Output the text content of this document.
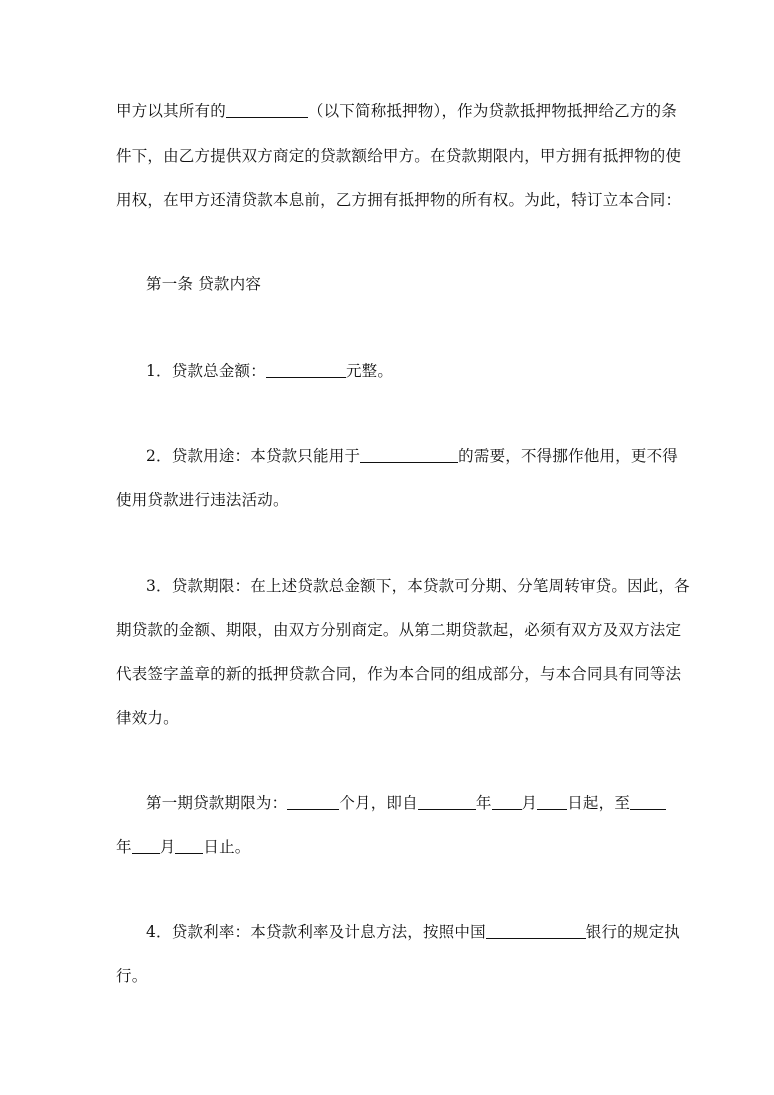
甲方以其所有的	（以下简称抵押物），作为贷款抵押物抵押给乙方的条
件下，由乙方提供双方商定的贷款额给甲方。在贷款期限内，甲方拥有抵押物的使
用权，在甲方还清贷款本息前，乙方拥有抵押物的所有权。为此，特订立本合同：
第一条 贷款内容
1．贷款总金额：	元整。
2．贷款用途：本贷款只能用于	的需要，不得挪作他用，更不得
使用贷款进行违法活动。
3．贷款期限：在上述贷款总金额下，本贷款可分期、分笔周转审贷。因此，各
期贷款的金额、期限，由双方分别商定。从第二期贷款起，必须有双方及双方法定
代表签字盖章的新的抵押贷款合同，作为本合同的组成部分，与本合同具有同等法
律效力。
第一期贷款期限为：	个月，即自	年 月 日起，至
年 月 日止。
4．贷款利率：本贷款利率及计息方法，按照中国	银行的规定执
行。
